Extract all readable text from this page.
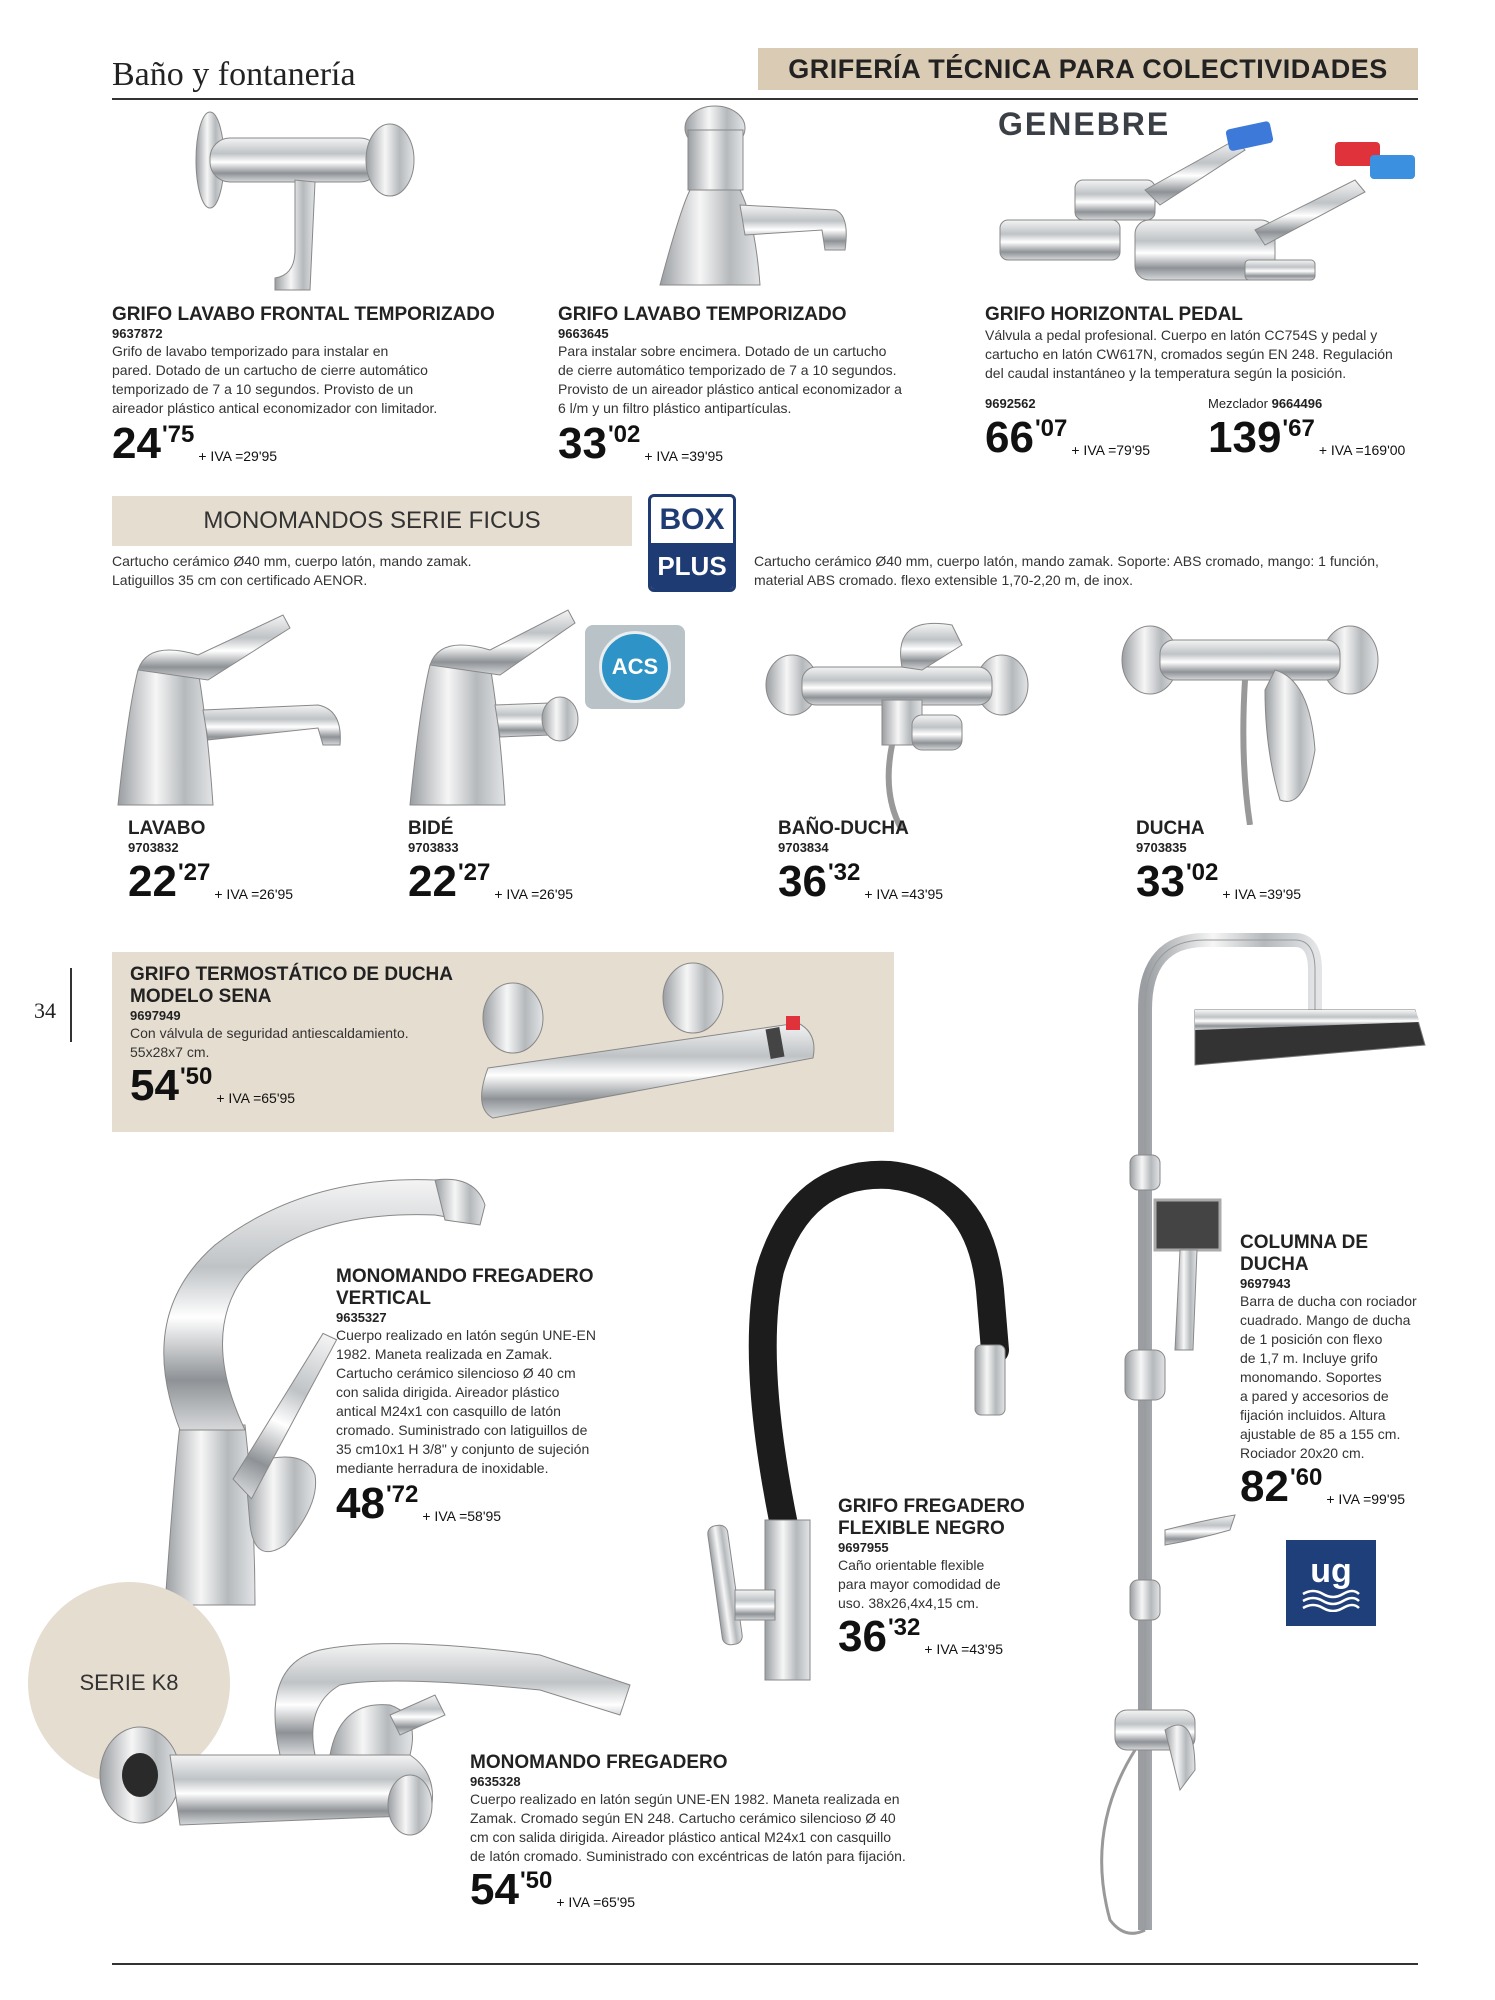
Baño y fontanería	GRIFERÍA TÉCNICA PARA COLECTIVIDADES
GENEBRE
GRIFO LAVABO FRONTAL TEMPORIZADO
9637872
Grifo de lavabo temporizado para instalar en
pared. Dotado de un cartucho de cierre automático
temporizado de 7 a 10 segundos. Provisto de un
aireador plástico antical economizador con limitador.
24 '75
+ IVA =29'95
GRIFO LAVABO TEMPORIZADO
9663645
Para instalar sobre encimera. Dotado de un cartucho
de cierre automático temporizado de 7 a 10 segundos.
Provisto de un aireador plástico antical economizador a
6 l/m y un filtro plástico antipartículas.
33 '02
+ IVA =39'95
GRIFO HORIZONTAL PEDAL
Válvula a pedal profesional. Cuerpo en latón CC754S y pedal y
cartucho en latón CW617N, cromados según EN 248. Regulación
del caudal instantáneo y la temperatura según la posición.
9692562
66 '07
+ IVA =79'95
Mezclador 9664496
139 '67
+ IVA =169'00
MONOMANDOS SERIE FICUS	BOX
PLUS
Cartucho cerámico Ø40 mm, cuerpo latón, mando zamak.
Latiguillos 35 cm con certificado AENOR.
Cartucho cerámico Ø40 mm, cuerpo latón, mando zamak. Soporte: ABS cromado, mango: 1 función,
material ABS cromado. flexo extensible 1,70-2,20 m, de inox.
ACS
LAVABO
9703832
22 '27
+ IVA =26'95
BIDÉ
9703833
22 '27
+ IVA =26'95
BAÑO-DUCHA
9703834
36 '32
+ IVA =43'95
DUCHA
9703835
33 '02
+ IVA =39'95
34
GRIFO TERMOSTÁTICO DE DUCHA
MODELO SENA
9697949
Con válvula de seguridad antiescaldamiento.
55x28x7 cm.
54 '50
+ IVA =65'95
MONOMANDO FREGADERO
VERTICAL
9635327
Cuerpo realizado en latón según UNE-EN
1982. Maneta realizada en Zamak.
Cartucho cerámico silencioso Ø 40 cm
con salida dirigida. Aireador plástico
antical M24x1 con casquillo de latón
cromado. Suministrado con latiguillos de
35 cm10x1 H 3/8" y conjunto de sujeción
mediante herradura de inoxidable.
48 '72
+ IVA =58'95	GRIFO FREGADERO
FLEXIBLE NEGRO
9697955
Caño orientable flexible
para mayor comodidad de
uso. 38x26,4x4,15 cm.
36 '32
+ IVA =43'95
COLUMNA DE DUCHA
9697943
Barra de ducha con rociador
cuadrado. Mango de ducha
de 1 posición con flexo
de 1,7 m. Incluye grifo
monomando. Soportes
a pared y accesorios de
fijación incluidos. Altura
ajustable de 85 a 155 cm.
Rociador 20x20 cm.
82 '60
+ IVA =99'95
ug
SERIE K8
MONOMANDO FREGADERO
9635328
Cuerpo realizado en latón según UNE-EN 1982. Maneta realizada en
Zamak. Cromado según EN 248. Cartucho cerámico silencioso Ø 40
cm con salida dirigida. Aireador plástico antical M24x1 con casquillo
de latón cromado. Suministrado con excéntricas de latón para fijación.
54 '50
+ IVA =65'95
